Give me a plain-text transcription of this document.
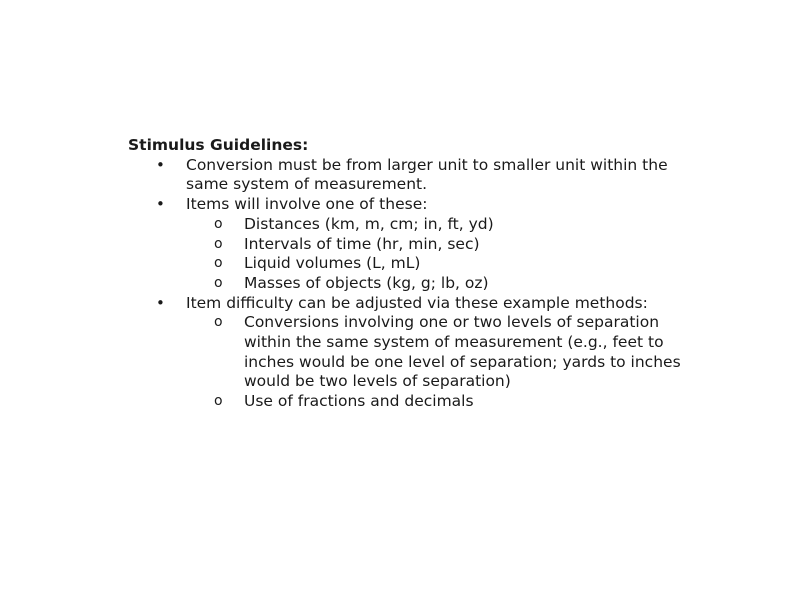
Stimulus Guidelines:

• Conversion must be from larger unit to smaller unit within the same system of measurement.
• Items will involve one of these:
o Distances (km, m, cm; in, ft, yd)
o Intervals of time (hr, min, sec)
o Liquid volumes (L, mL)
o Masses of objects (kg, g; lb, oz)
• Item difficulty can be adjusted via these example methods:
o Conversions involving one or two levels of separation within the same system of measurement (e.g., feet to inches would be one level of separation; yards to inches would be two levels of separation)
o Use of fractions and decimals
